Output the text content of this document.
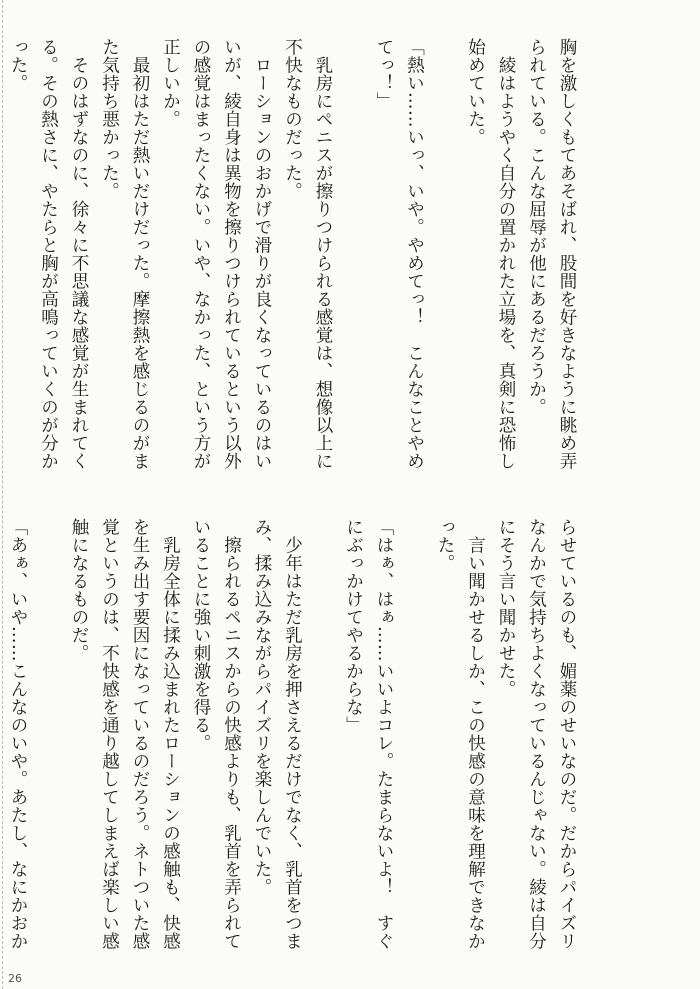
胸を激しくもてあそばれ、股間を好きなように眺め弄られている。こんな屈辱が他にあるだろうか。
　綾はようやく自分の置かれた立場を、真剣に恐怖し始めていた。

「熱い……いっ、いや。やめてっ！　こんなことやめてっ！」

　乳房にペニスが擦りつけられる感覚は、想像以上に不快なものだった。
　ローションのおかげで滑りが良くなっているのはいいが、綾自身は異物を擦りつけられているという以外の感覚はまったくない。いや、なかった、という方が正しいか。
　最初はただ熱いだけだった。摩擦熱を感じるのがまた気持ち悪かった。
　そのはずなのに、徐々に不思議な感覚が生まれてくる。その熱さに、やたらと胸が高鳴っていくのが分かった。

らせているのも、媚薬のせいなのだ。だからパイズリなんかで気持ちよくなっているんじゃない。綾は自分にそう言い聞かせた。
　言い聞かせるしか、この快感の意味を理解できなかった。

「はぁ、はぁ……いいよコレ。たまらないよ！　すぐにぶっかけてやるからな」

　少年はただ乳房を押さえるだけでなく、乳首をつまみ、揉み込みながらパイズリを楽しんでいた。
　擦られるペニスからの快感よりも、乳首を弄られていることに強い刺激を得る。
　乳房全体に揉み込まれたローションの感触も、快感を生み出す要因になっているのだろう。ネトついた感覚というのは、不快感を通り越してしまえば楽しい感触になるものだ。

「あぁ、いや……こんなのいや。あたし、なにかおか

26
